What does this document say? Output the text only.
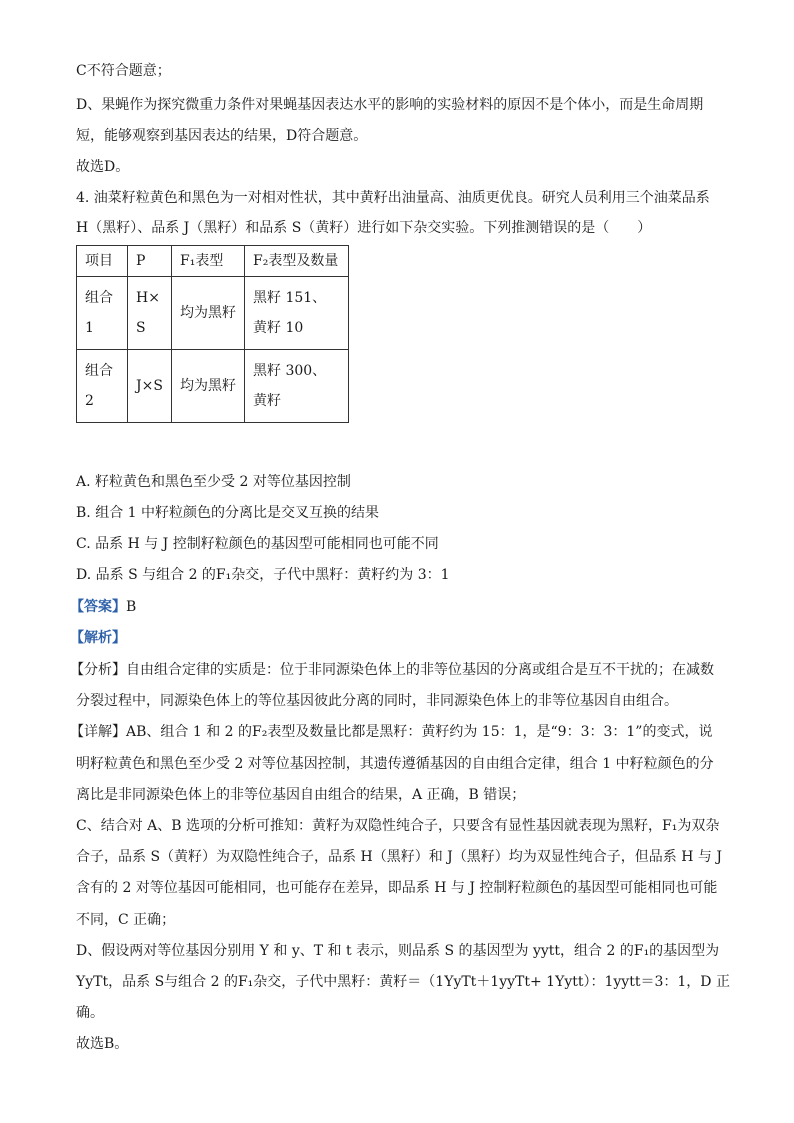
C不符合题意；
D、果蝇作为探究微重力条件对果蝇基因表达水平的影响的实验材料的原因不是个体小，而是生命周期
短，能够观察到基因表达的结果，D符合题意。
故选D。
4. 油菜籽粒黄色和黑色为一对相对性状，其中黄籽出油量高、油质更优良。研究人员利用三个油菜品系
H（黑籽）、品系 J（黑籽）和品系 S（黄籽）进行如下杂交实验。下列推测错误的是（　　）
项目	P	F₁表型	F₂表型及数量
组合 1	H× S	均为黑籽	黑籽 151、黄籽 10
组合 2	J×S	均为黑籽	黑籽 300、黄籽
A. 籽粒黄色和黑色至少受 2 对等位基因控制
B. 组合 1 中籽粒颜色的分离比是交叉互换的结果
C. 品系 H 与 J 控制籽粒颜色的基因型可能相同也可能不同
D. 品系 S 与组合 2 的F₁杂交，子代中黑籽：黄籽约为 3：1
【答案】B
【解析】
【分析】自由组合定律的实质是：位于非同源染色体上的非等位基因的分离或组合是互不干扰的；在减数
分裂过程中，同源染色体上的等位基因彼此分离的同时，非同源染色体上的非等位基因自由组合。
【详解】AB、组合 1 和 2 的F₂表型及数量比都是黑籽：黄籽约为 15：1，是“9：3：3：1”的变式，说
明籽粒黄色和黑色至少受 2 对等位基因控制，其遗传遵循基因的自由组合定律，组合 1 中籽粒颜色的分
离比是非同源染色体上的非等位基因自由组合的结果，A 正确，B 错误；
C、结合对 A、B 选项的分析可推知：黄籽为双隐性纯合子，只要含有显性基因就表现为黑籽，F₁为双杂
合子，品系 S（黄籽）为双隐性纯合子，品系 H（黑籽）和 J（黑籽）均为双显性纯合子，但品系 H 与 J
含有的 2 对等位基因可能相同，也可能存在差异，即品系 H 与 J 控制籽粒颜色的基因型可能相同也可能
不同，C 正确；
D、假设两对等位基因分别用 Y 和 y、T 和 t 表示，则品系 S 的基因型为 yytt，组合 2 的F₁的基因型为
YyTt，品系 S与组合 2 的F₁杂交，子代中黑籽：黄籽＝（1YyTt＋1yyTt+ 1Yytt）：1yytt＝3：1，D 正
确。
故选B。
